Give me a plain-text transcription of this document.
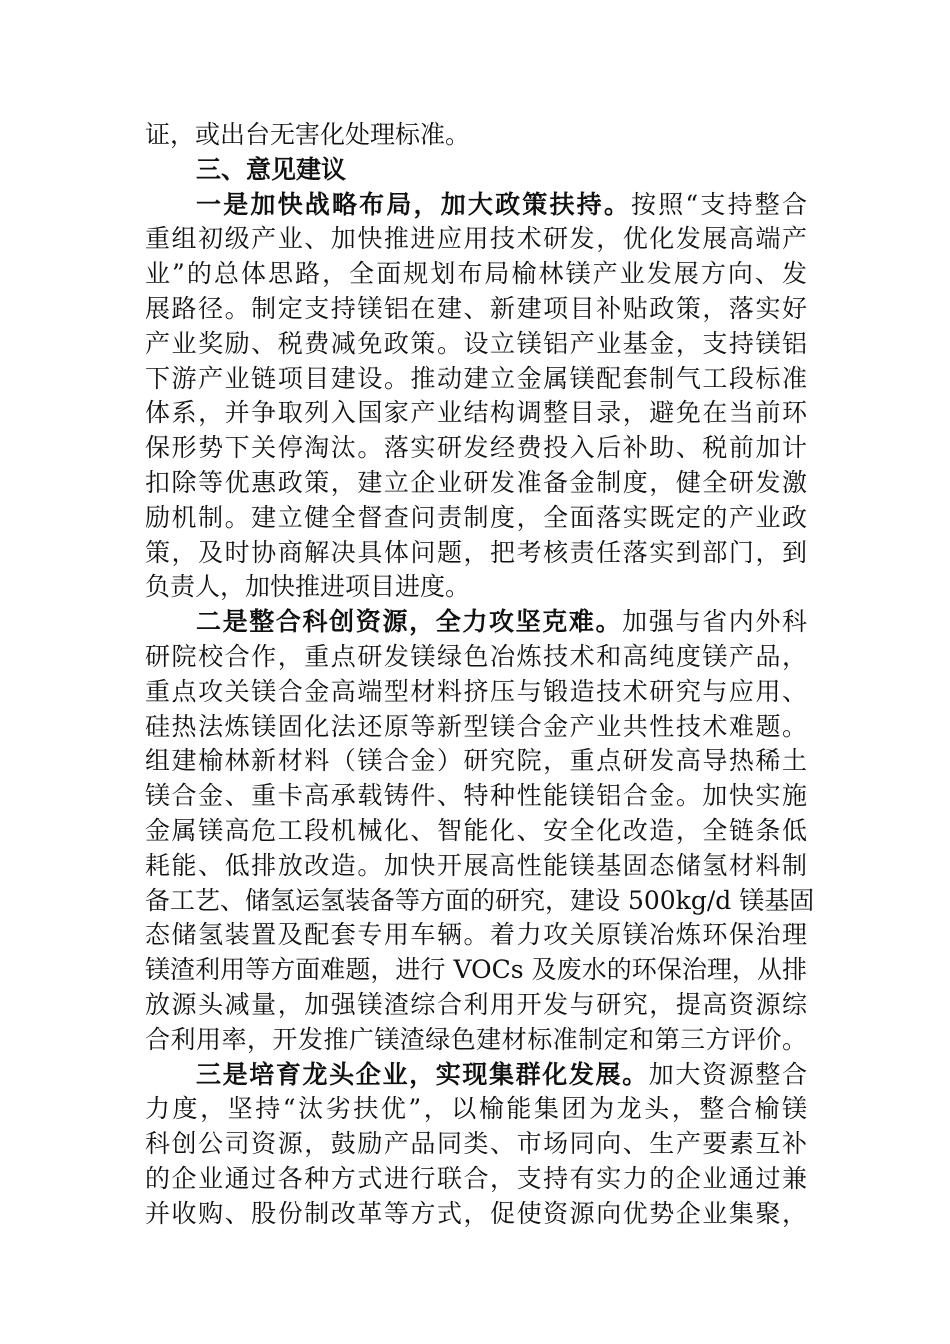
证，或出台无害化处理标准。
三、意见建议
一是加快战略布局，加大政策扶持。按照“支持整合
重组初级产业、加快推进应用技术研发，优化发展高端产
业”的总体思路，全面规划布局榆林镁产业发展方向、发
展路径。制定支持镁铝在建、新建项目补贴政策，落实好
产业奖励、税费减免政策。设立镁铝产业基金，支持镁铝
下游产业链项目建设。推动建立金属镁配套制气工段标准
体系，并争取列入国家产业结构调整目录，避免在当前环
保形势下关停淘汰。落实研发经费投入后补助、税前加计
扣除等优惠政策，建立企业研发准备金制度，健全研发激
励机制。建立健全督查问责制度，全面落实既定的产业政
策，及时协商解决具体问题，把考核责任落实到部门，到
负责人，加快推进项目进度。
二是整合科创资源，全力攻坚克难。加强与省内外科
研院校合作，重点研发镁绿色冶炼技术和高纯度镁产品，
重点攻关镁合金高端型材料挤压与锻造技术研究与应用、
硅热法炼镁固化法还原等新型镁合金产业共性技术难题。
组建榆林新材料（镁合金）研究院，重点研发高导热稀土
镁合金、重卡高承载铸件、特种性能镁铝合金。加快实施
金属镁高危工段机械化、智能化、安全化改造，全链条低
耗能、低排放改造。加快开展高性能镁基固态储氢材料制
备工艺、储氢运氢装备等方面的研究，建设 500kg/d 镁基固
态储氢装置及配套专用车辆。着力攻关原镁冶炼环保治理
镁渣利用等方面难题，进行 VOCs 及废水的环保治理，从排
放源头减量，加强镁渣综合利用开发与研究，提高资源综
合利用率，开发推广镁渣绿色建材标准制定和第三方评价。
三是培育龙头企业，实现集群化发展。加大资源整合
力度，坚持“汰劣扶优”，以榆能集团为龙头，整合榆镁
科创公司资源，鼓励产品同类、市场同向、生产要素互补
的企业通过各种方式进行联合，支持有实力的企业通过兼
并收购、股份制改革等方式，促使资源向优势企业集聚，
